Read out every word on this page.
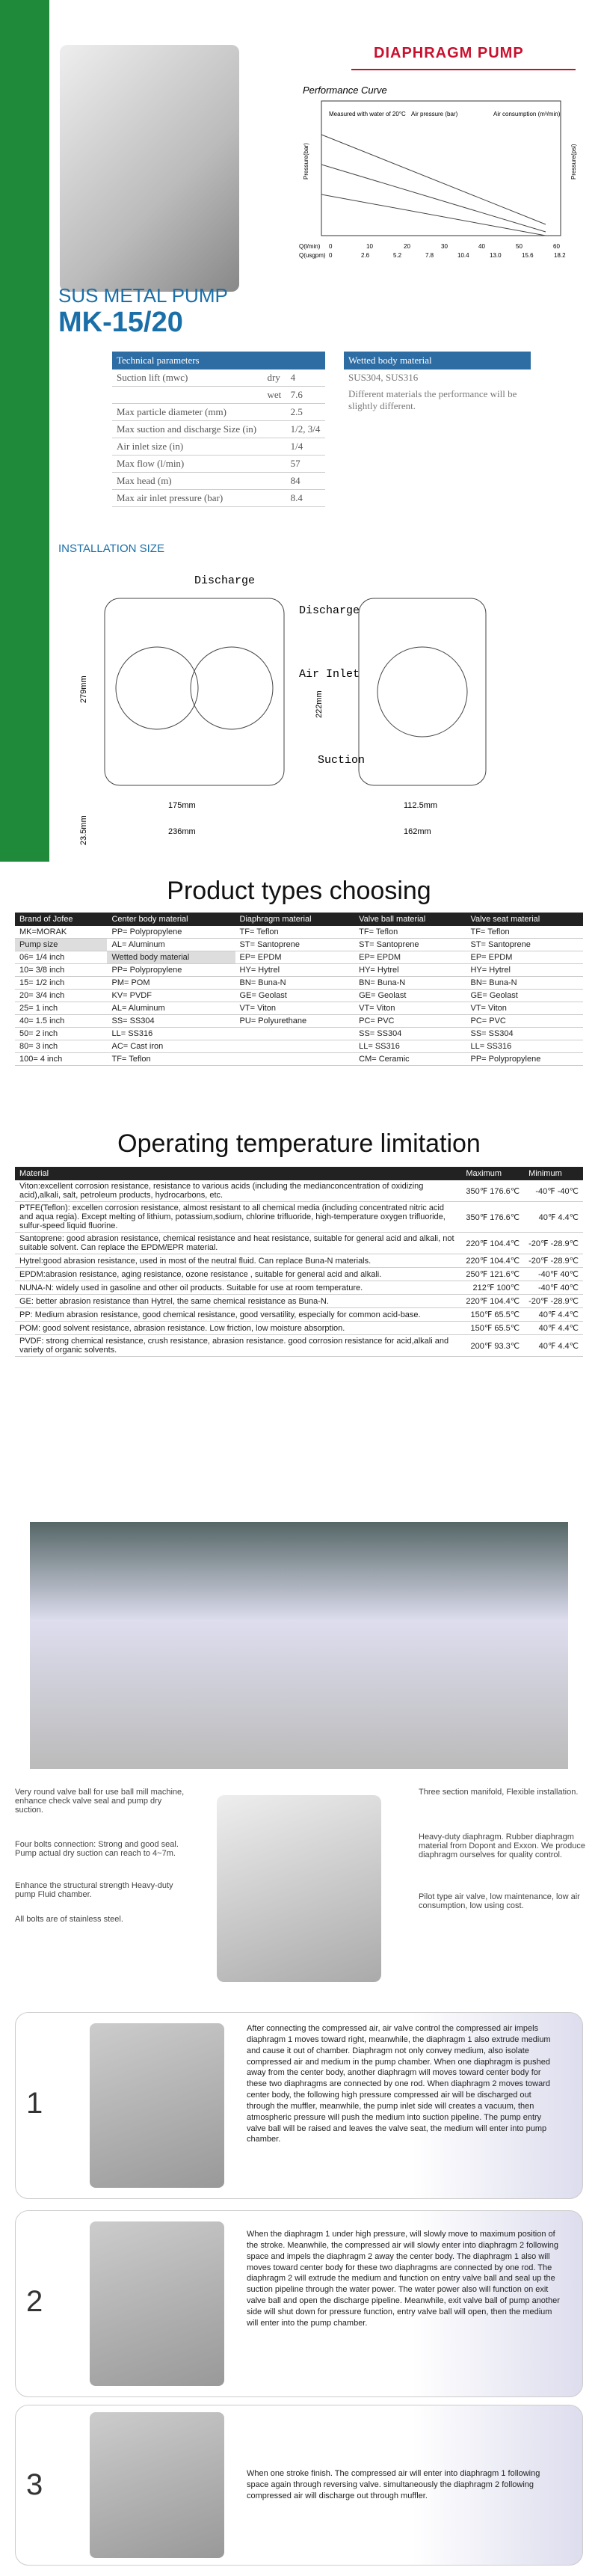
DIAPHRAGM PUMP
SUS METAL PUMP
MK-15/20
Performance Curve
Measured with water of 20°C Air pressure (bar)	Air consumption (m³/min)
Pressure(bar)	Pressure(psi)
Q(l/min)
Q(usgpm)
0	10	20	30	40	50	60
0	2.6	5.2	7.8	10.4	13.0	15.6	18.2
Technical parameters		
Suction lift (mwc)	dry	4
	wet	7.6
Max particle diameter (mm)		2.5
Max suction and discharge Size (in)		1/2, 3/4
Air inlet size (in)		1/4
Max flow (l/min)		57
Max head (m)		84
Max air inlet pressure (bar)		8.4
Wetted body material
SUS304, SUS316
Different materials the performance will be slightly different.
INSTALLATION SIZE
Discharge
Discharge
Air Inlet
Suction
279mm
175mm
236mm
23.5mm
222mm
112.5mm
162mm
Product types choosing
Brand of Jofee	Center body material	Diaphragm material	Valve ball material	Valve seat material
MK=MORAK	PP= Polypropylene	TF= Teflon	TF= Teflon	TF= Teflon
Pump size	AL= Aluminum	ST= Santoprene	ST= Santoprene	ST= Santoprene
06= 1/4 inch	Wetted body material	EP= EPDM	EP= EPDM	EP= EPDM
10= 3/8 inch	PP= Polypropylene	HY= Hytrel	HY= Hytrel	HY= Hytrel
15= 1/2 inch	PM= POM	BN= Buna-N	BN= Buna-N	BN= Buna-N
20= 3/4 inch	KV= PVDF	GE= Geolast	GE= Geolast	GE= Geolast
25= 1 inch	AL= Aluminum	VT= Viton	VT= Viton	VT= Viton
40= 1.5 inch	SS= SS304	PU= Polyurethane	PC= PVC	PC= PVC
50= 2 inch	LL= SS316		SS= SS304	SS= SS304
80= 3 inch	AC= Cast iron		LL= SS316	LL= SS316
100= 4 inch	TF= Teflon		CM= Ceramic	PP= Polypropylene
Operating temperature limitation
Material	Maximum	Minimum
Viton:excellent corrosion resistance, resistance to various acids (including the medianconcentration of oxidizing acid),alkali, salt, petroleum products, hydrocarbons, etc.	350℉ 176.6℃	-40℉ -40℃
PTFE(Teflon): excellen corrosion resistance, almost resistant to all chemical media (including concentrated nitric acid and aqua regia). Except melting of lithium, potassium,sodium, chlorine trifluoride, high-temperature oxygen trifluoride, sulfur-speed liquid fluorine.	350℉ 176.6℃	40℉ 4.4℃
Santoprene: good abrasion resistance, chemical resistance and heat resistance, suitable for general acid and alkali, not suitable solvent. Can replace the EPDM/EPR material.	220℉ 104.4℃	-20℉ -28.9℃
Hytrel:good abrasion resistance, used in most of the neutral fluid. Can replace Buna-N materials.	220℉ 104.4℃	-20℉ -28.9℃
EPDM:abrasion resistance, aging resistance, ozone resistance , suitable for general acid and alkali.	250℉ 121.6℃	-40℉ 40℃
NUNA-N: widely used in gasoline and other oil products. Suitable for use at room temperature.	212℉ 100℃	-40℉ 40℃
GE: better abrasion resistance than Hytrel, the same chemical resistance as Buna-N.	220℉ 104.4℃	-20℉ -28.9℃
PP: Medium abrasion resistance, good chemical resistance, good versatility, especially for common acid-base.	150℉ 65.5℃	40℉ 4.4℃
POM: good solvent resistance, abrasion resistance. Low friction, low moisture absorption.	150℉ 65.5℃	40℉ 4.4℃
PVDF: strong chemical resistance, crush resistance, abrasion resistance. good corrosion resistance for acid,alkali and variety of organic solvents.	200℉ 93.3℃	40℉ 4.4℃
Very round valve ball for use ball mill machine, enhance check valve seal and pump dry suction.
Four bolts connection: Strong and good seal. Pump actual dry suction can reach to 4~7m.
Enhance the structural strength Heavy-duty pump Fluid chamber.
All bolts are of stainless steel.
Three section manifold, Flexible installation.
Heavy-duty diaphragm. Rubber diaphragm material from Dopont and Exxon. We produce diaphragm ourselves for quality control.
Pilot type air valve, low maintenance, low air consumption, low using cost.
1
After connecting the compressed air, air valve control the compressed air impels diaphragm 1 moves toward right, meanwhile, the diaphragm 1 also extrude medium and cause it out of chamber. Diaphragm not only convey medium, also isolate compressed air and medium in the pump chamber. When one diaphragm is pushed away from the center body, another diaphragm will moves toward center body for these two diaphragms are connected by one rod. When diaphragm 2 moves toward center body, the following high pressure compressed air will be discharged out through the muffler, meanwhile, the pump inlet side will creates a vacuum, then atmospheric pressure will push the medium into suction pipeline. The pump entry valve ball will be raised and leaves the valve seat, the medium will enter into pump chamber.
2
When the diaphragm 1 under high pressure, will slowly move to maximum position of the stroke. Meanwhile, the compressed air will slowly enter into diaphragm 2 following space and impels the diaphragm 2 away the center body. The diaphragm 1 also will moves toward center body for these two diaphragms are connected by one rod. The diaphragm 2 will extrude the medium and function on entry valve ball and seal up the suction pipeline through the water power. The water power also will function on exit valve ball and open the discharge pipeline. Meanwhile, exit valve ball of pump another side will shut down for pressure function, entry valve ball will open, then the medium will enter into the pump chamber.
3	When one stroke finish. The compressed air will enter into diaphragm 1 following space again through reversing valve. simultaneously the diaphragm 2 following compressed air will discharge out through muffler.
